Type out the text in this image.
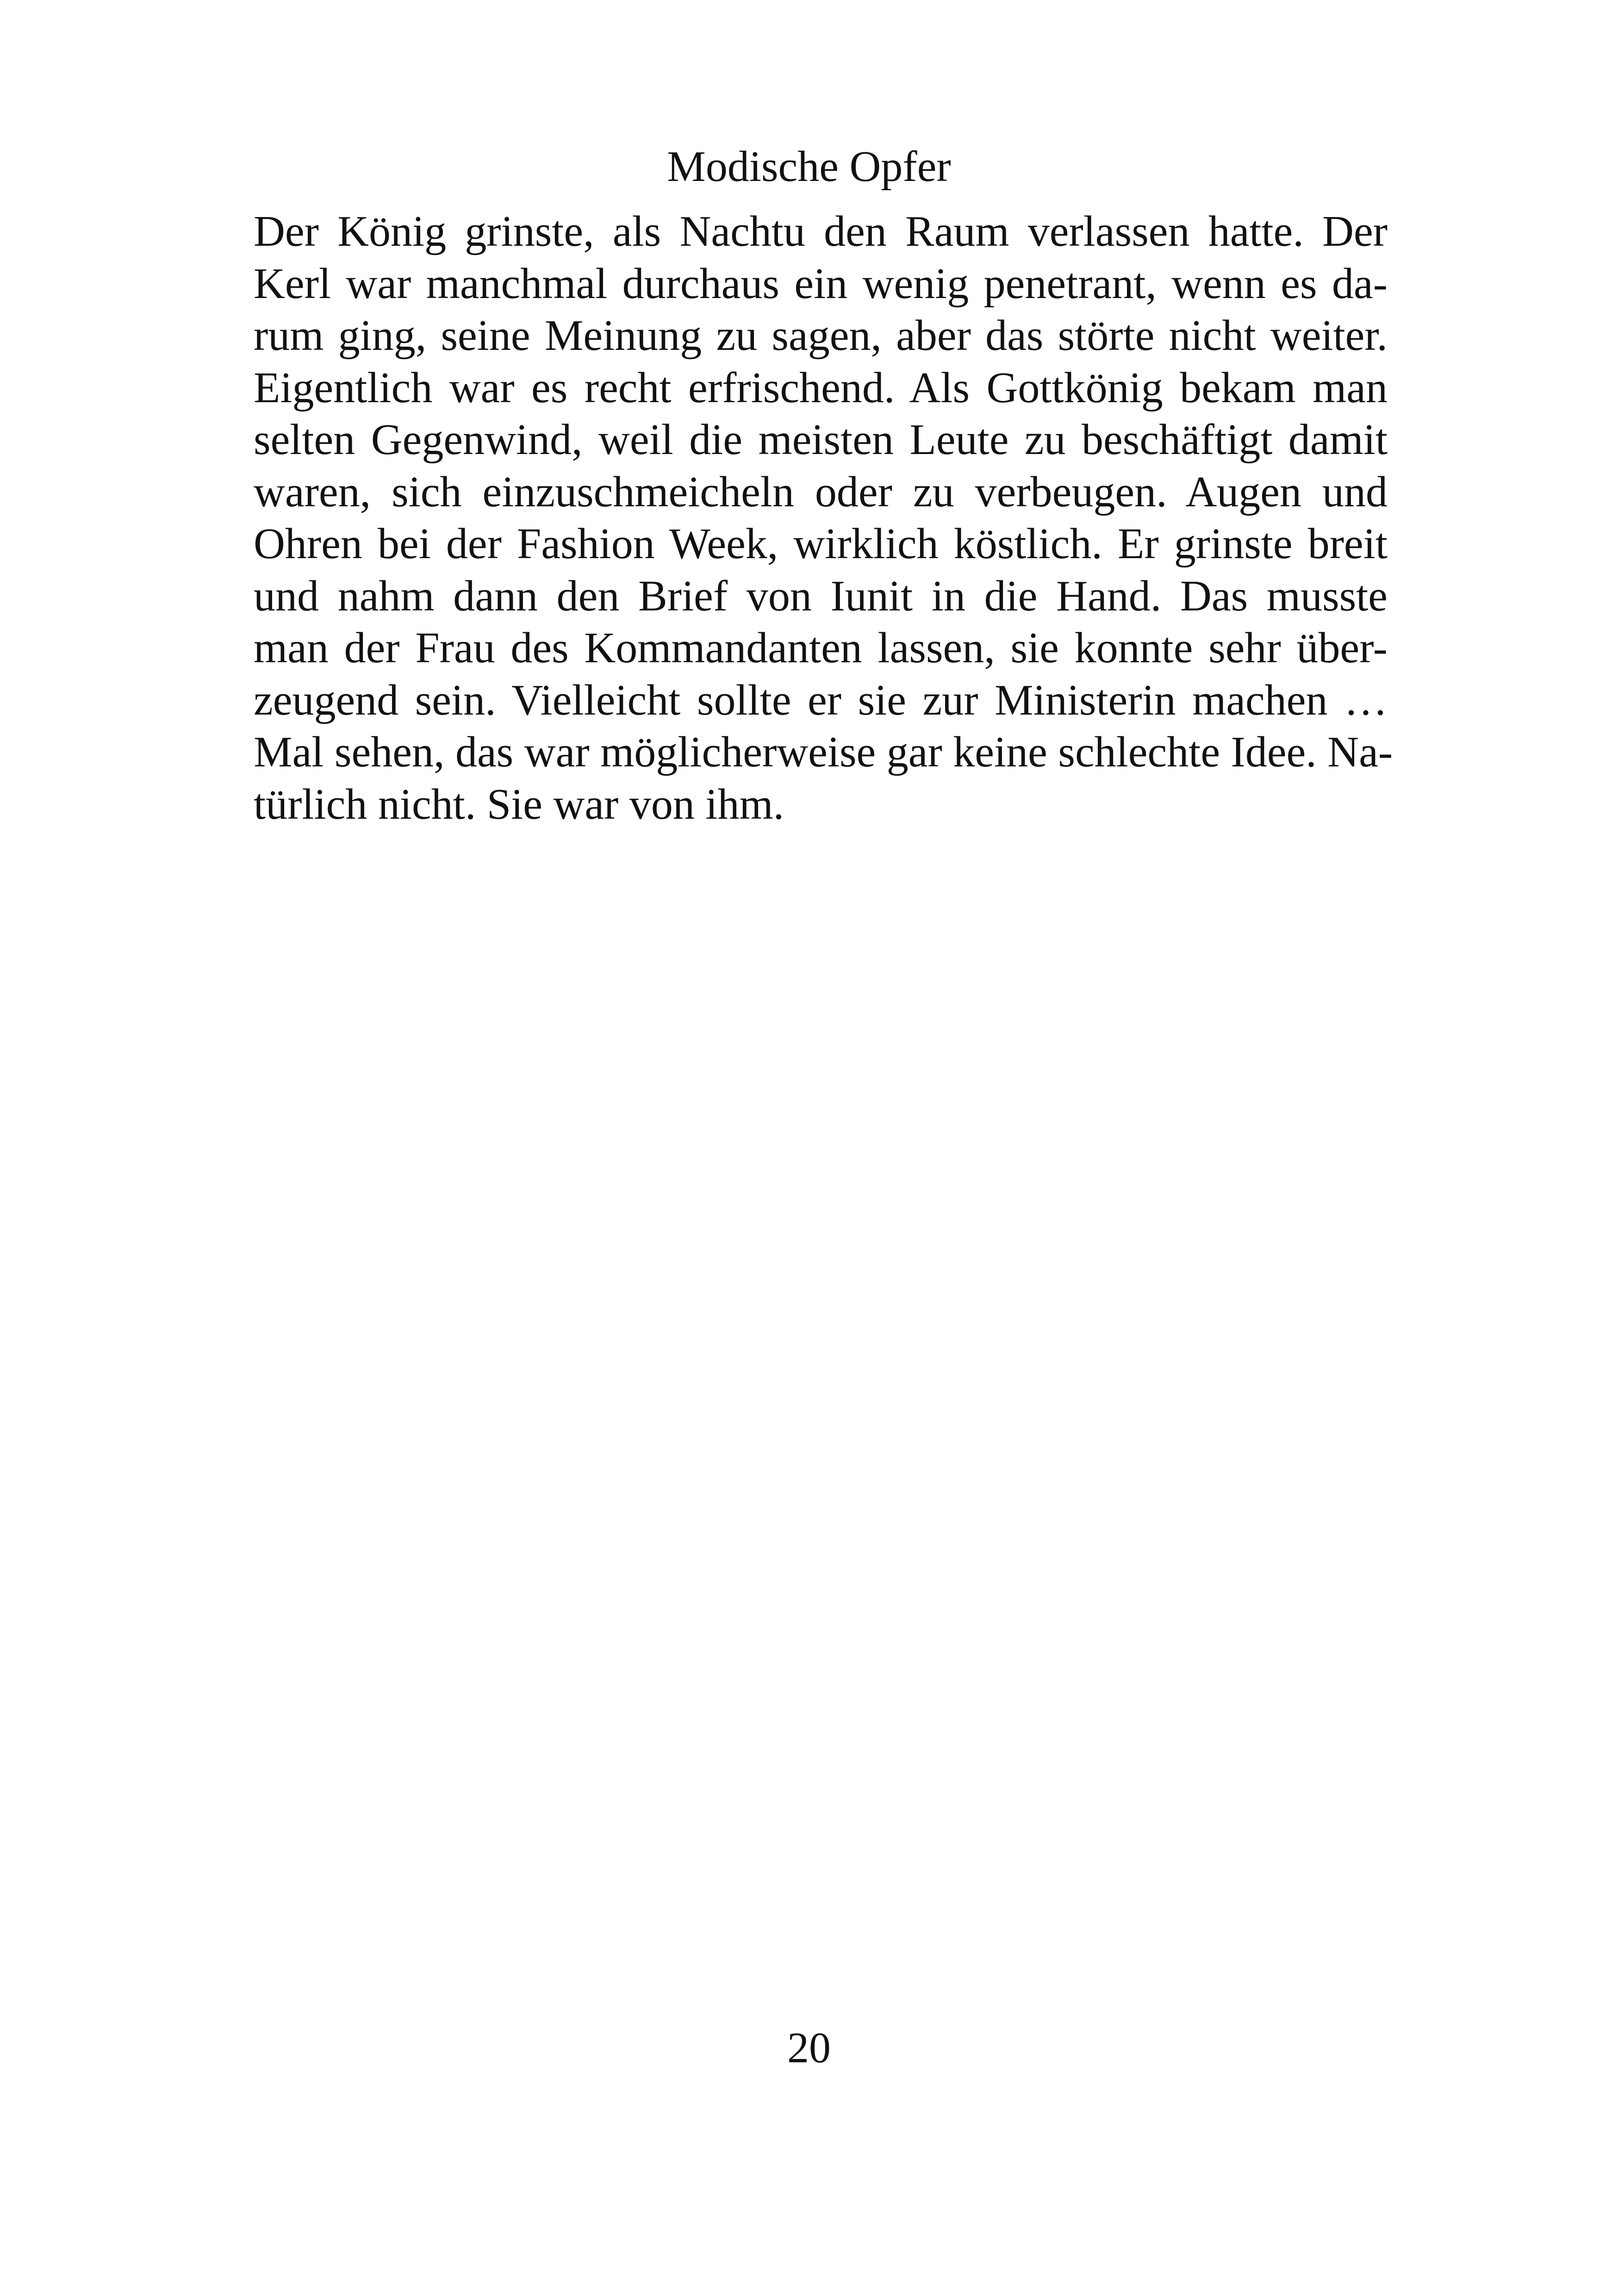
Modische Opfer
Der König grinste, als Nachtu den Raum verlassen hatte. Der
Kerl war manchmal durchaus ein wenig penetrant, wenn es da-
rum ging, seine Meinung zu sagen, aber das störte nicht weiter.
Eigentlich war es recht erfrischend. Als Gottkönig bekam man
selten Gegenwind, weil die meisten Leute zu beschäftigt damit
waren, sich einzuschmeicheln oder zu verbeugen. Augen und
Ohren bei der Fashion Week, wirklich köstlich. Er grinste breit
und nahm dann den Brief von Iunit in die Hand. Das musste
man der Frau des Kommandanten lassen, sie konnte sehr über-
zeugend sein. Vielleicht sollte er sie zur Ministerin machen …
Mal sehen, das war möglicherweise gar keine schlechte Idee. Na-
türlich nicht. Sie war von ihm.
20
